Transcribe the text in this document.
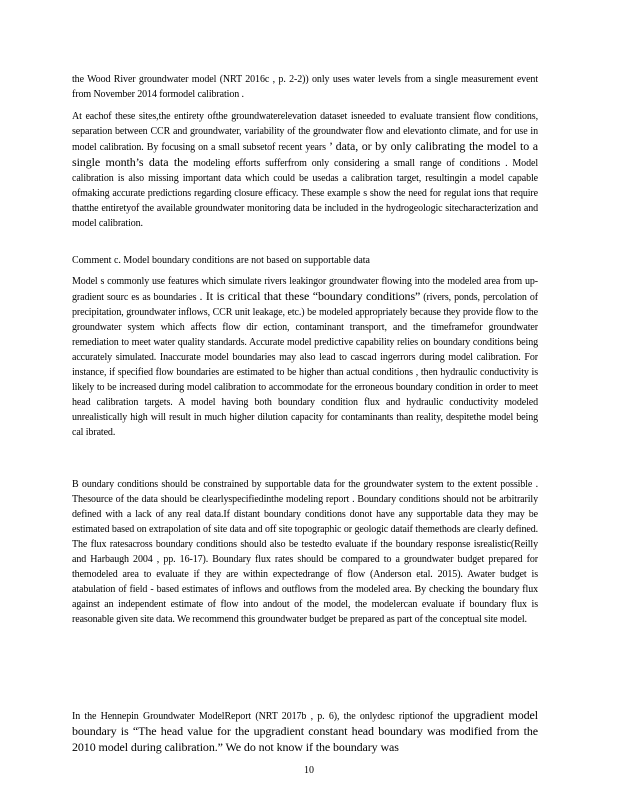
the Wood River groundwater model (NRT 2016c , p. 2-2)) only uses water levels from a single measurement event from November 2014 formodel calibration .

At eachof these sites,the entirety ofthe groundwaterelevation dataset isneeded to evaluate transient flow conditions, separation between CCR and groundwater, variability of the groundwater flow and elevationto climate, and for use in model calibration. By focusing on a small subsetof recent years ’ data, or by only calibrating the model to a single month’s data the modeling efforts sufferfrom only considering a small range of conditions . Model calibration is also missing important data which could be usedas a calibration target, resultingin a model capable ofmaking accurate predictions regarding closure efficacy. These example s show the need for regulat ions that require thatthe entiretyof the available groundwater monitoring data be included in the hydrogeologic sitecharacterization and model calibration.

Comment c. Model boundary conditions are not based on supportable data

Model s commonly use features which simulate rivers leakingor groundwater flowing into the modeled area from up-gradient sourc es as boundaries . It is critical that these “boundary conditions” (rivers, ponds, percolation of precipitation, groundwater inflows, CCR unit leakage, etc.) be modeled appropriately because they provide flow to the groundwater system which affects flow dir ection, contaminant transport, and the timeframefor groundwater remediation to meet water quality standards. Accurate model predictive capability relies on boundary conditions being accurately simulated. Inaccurate model boundaries may also lead to cascad ingerrors during model calibration. For instance, if specified flow boundaries are estimated to be higher than actual conditions , then hydraulic conductivity is likely to be increased during model calibration to accommodate for the erroneous boundary condition in order to meet head calibration targets. A model having both boundary condition flux and hydraulic conductivity modeled unrealistically high will result in much higher dilution capacity for contaminants than reality, despitethe model being cal ibrated.

B oundary conditions should be constrained by supportable data for the groundwater system to the extent possible . Thesource of the data should be clearlyspecifiedinthe modeling report . Boundary conditions should not be arbitrarily defined with a lack of any real data.If distant boundary conditions donot have any supportable data they may be estimated based on extrapolation of site data and off site topographic or geologic dataif themethods are clearly defined. The flux ratesacross boundary conditions should also be testedto evaluate if the boundary response isrealistic(Reilly and Harbaugh 2004 , pp. 16-17). Boundary flux rates should be compared to a groundwater budget prepared for themodeled area to evaluate if they are within expectedrange of flow (Anderson etal. 2015). Awater budget is atabulation of field - based estimates of inflows and outflows from the modeled area. By checking the boundary flux against an independent estimate of flow into andout of the model, the modelercan evaluate if boundary flux is reasonable given site data. We recommend this groundwater budget be prepared as part of the conceptual site model.

In the Hennepin Groundwater ModelReport (NRT 2017b , p. 6), the onlydesc riptionof the upgradient model boundary is “The head value for the upgradient constant head boundary was modified from the 2010 model during calibration.” We do not know if the boundary was

10
